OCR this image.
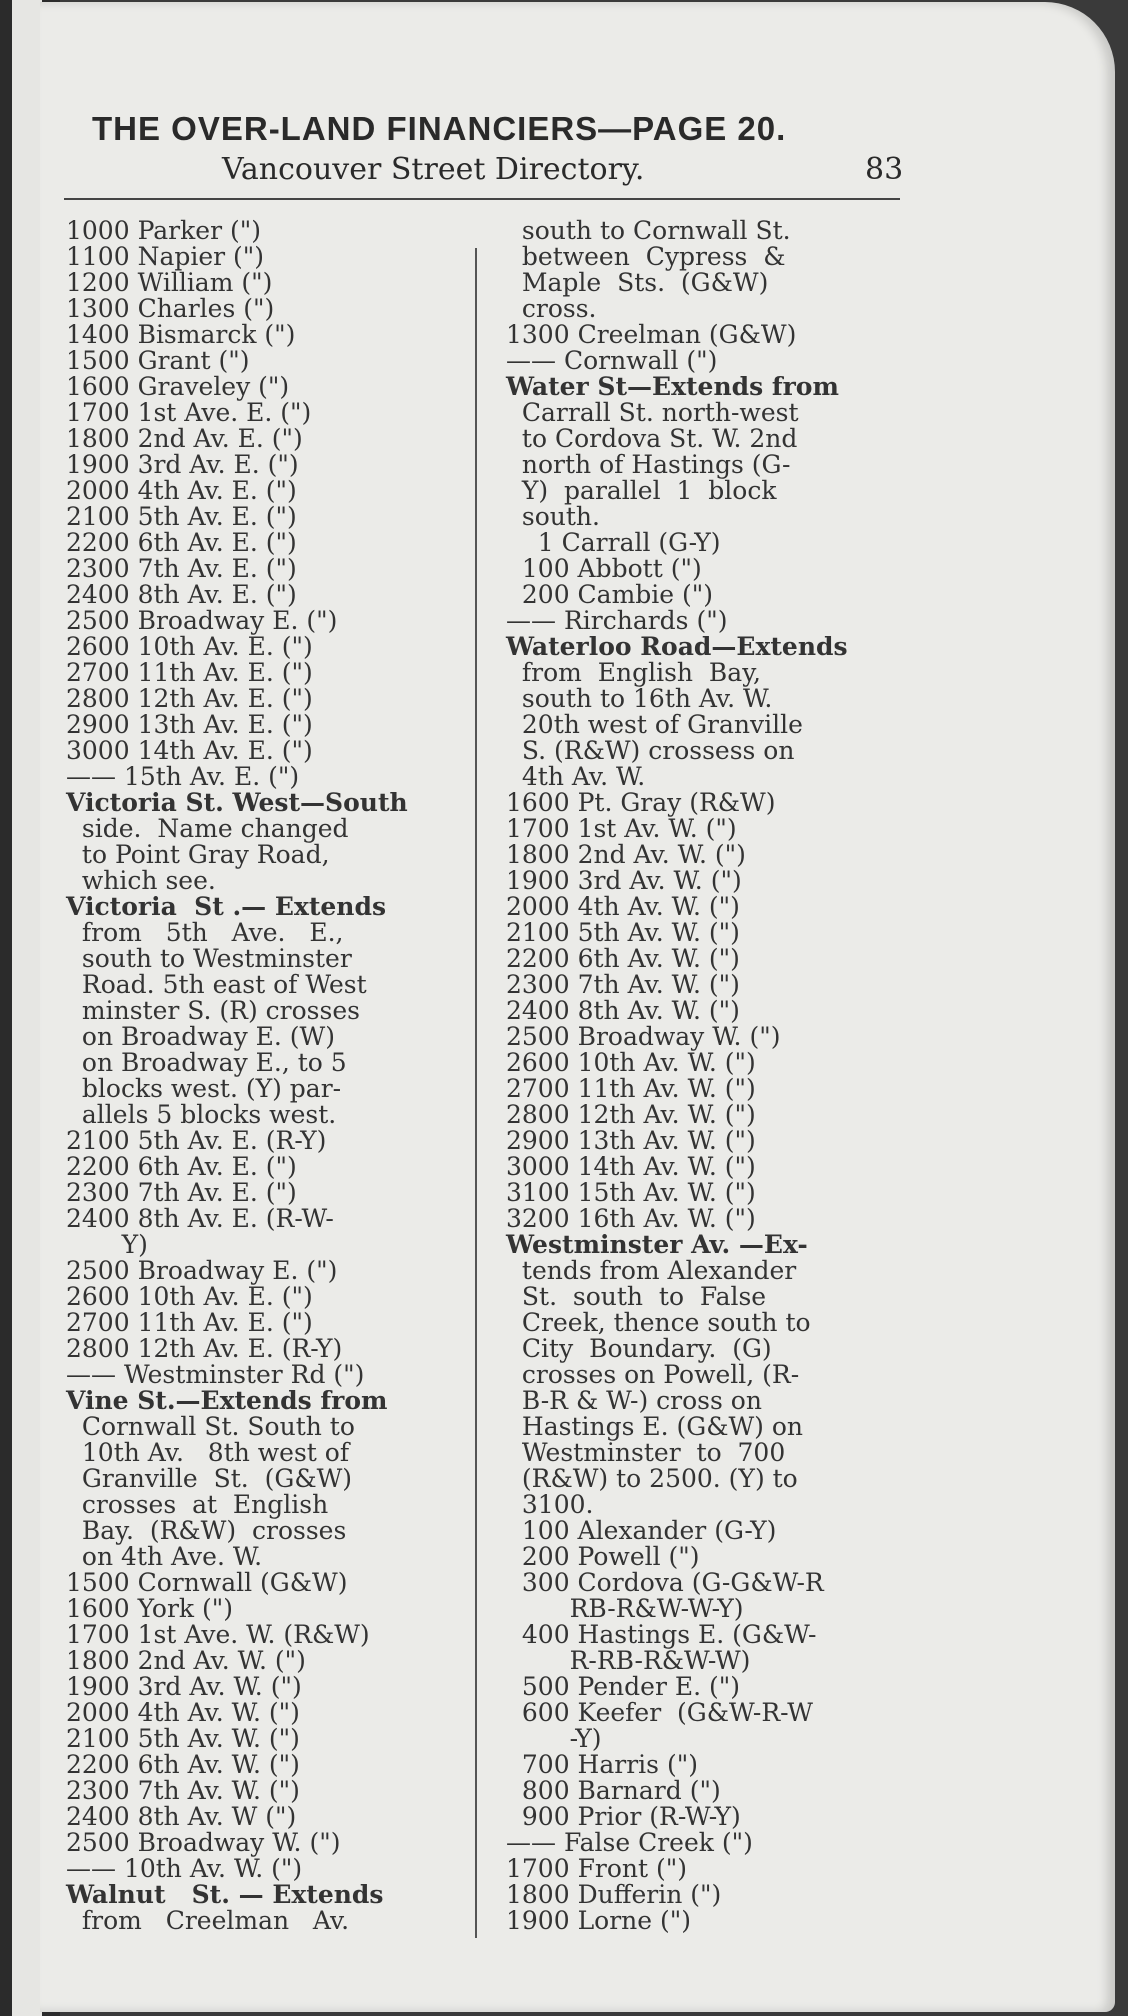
THE OVER-LAND FINANCIERS—PAGE 20.
Vancouver Street Directory.	83
1000 Parker (")
1100 Napier (")
1200 William (")
1300 Charles (")
1400 Bismarck (")
1500 Grant (")
1600 Graveley (")
1700 1st Ave. E. (")
1800 2nd Av. E. (")
1900 3rd Av. E. (")
2000 4th Av. E. (")
2100 5th Av. E. (")
2200 6th Av. E. (")
2300 7th Av. E. (")
2400 8th Av. E. (")
2500 Broadway E. (")
2600 10th Av. E. (")
2700 11th Av. E. (")
2800 12th Av. E. (")
2900 13th Av. E. (")
3000 14th Av. E. (")
—— 15th Av. E. (")
Victoria St. West—South
side.  Name changed
to Point Gray Road,
which see.
Victoria  St .— Extends
from   5th   Ave.   E.,
south to Westminster
Road. 5th east of West
minster S. (R) crosses
on Broadway E. (W)
on Broadway E., to 5
blocks west. (Y) par-
allels 5 blocks west.
2100 5th Av. E. (R-Y)
2200 6th Av. E. (")
2300 7th Av. E. (")
2400 8th Av. E. (R-W-
Y)
2500 Broadway E. (")
2600 10th Av. E. (")
2700 11th Av. E. (")
2800 12th Av. E. (R-Y)
—— Westminster Rd (")
Vine St.—Extends from
Cornwall St. South to
10th Av.   8th west of
Granville  St.  (G&W)
crosses  at  English
Bay.  (R&W)  crosses
on 4th Ave. W.
1500 Cornwall (G&W)
1600 York (")
1700 1st Ave. W. (R&W)
1800 2nd Av. W. (")
1900 3rd Av. W. (")
2000 4th Av. W. (")
2100 5th Av. W. (")
2200 6th Av. W. (")
2300 7th Av. W. (")
2400 8th Av. W (")
2500 Broadway W. (")
—— 10th Av. W. (")
Walnut   St. — Extends
from   Creelman   Av.
south to Cornwall St.
between  Cypress  &
Maple  Sts.  (G&W)
cross.
1300 Creelman (G&W)
—— Cornwall (")
Water St—Extends from
Carrall St. north-west
to Cordova St. W. 2nd
north of Hastings (G-
Y)  parallel  1  block
south.
1 Carrall (G-Y)
100 Abbott (")
200 Cambie (")
—— Rirchards (")
Waterloo Road—Extends
from  English  Bay,
south to 16th Av. W.
20th west of Granville
S. (R&W) crossess on
4th Av. W.
1600 Pt. Gray (R&W)
1700 1st Av. W. (")
1800 2nd Av. W. (")
1900 3rd Av. W. (")
2000 4th Av. W. (")
2100 5th Av. W. (")
2200 6th Av. W. (")
2300 7th Av. W. (")
2400 8th Av. W. (")
2500 Broadway W. (")
2600 10th Av. W. (")
2700 11th Av. W. (")
2800 12th Av. W. (")
2900 13th Av. W. (")
3000 14th Av. W. (")
3100 15th Av. W. (")
3200 16th Av. W. (")
Westminster Av. —Ex-
tends from Alexander
St.  south  to  False
Creek, thence south to
City  Boundary.  (G)
crosses on Powell, (R-
B-R & W-) cross on
Hastings E. (G&W) on
Westminster  to  700
(R&W) to 2500. (Y) to
3100.
100 Alexander (G-Y)
200 Powell (")
300 Cordova (G-G&W-R
RB-R&W-W-Y)
400 Hastings E. (G&W-
R-RB-R&W-W)
500 Pender E. (")
600 Keefer  (G&W-R-W
-Y)
700 Harris (")
800 Barnard (")
900 Prior (R-W-Y)
—— False Creek (")
1700 Front (")
1800 Dufferin (")
1900 Lorne (")
